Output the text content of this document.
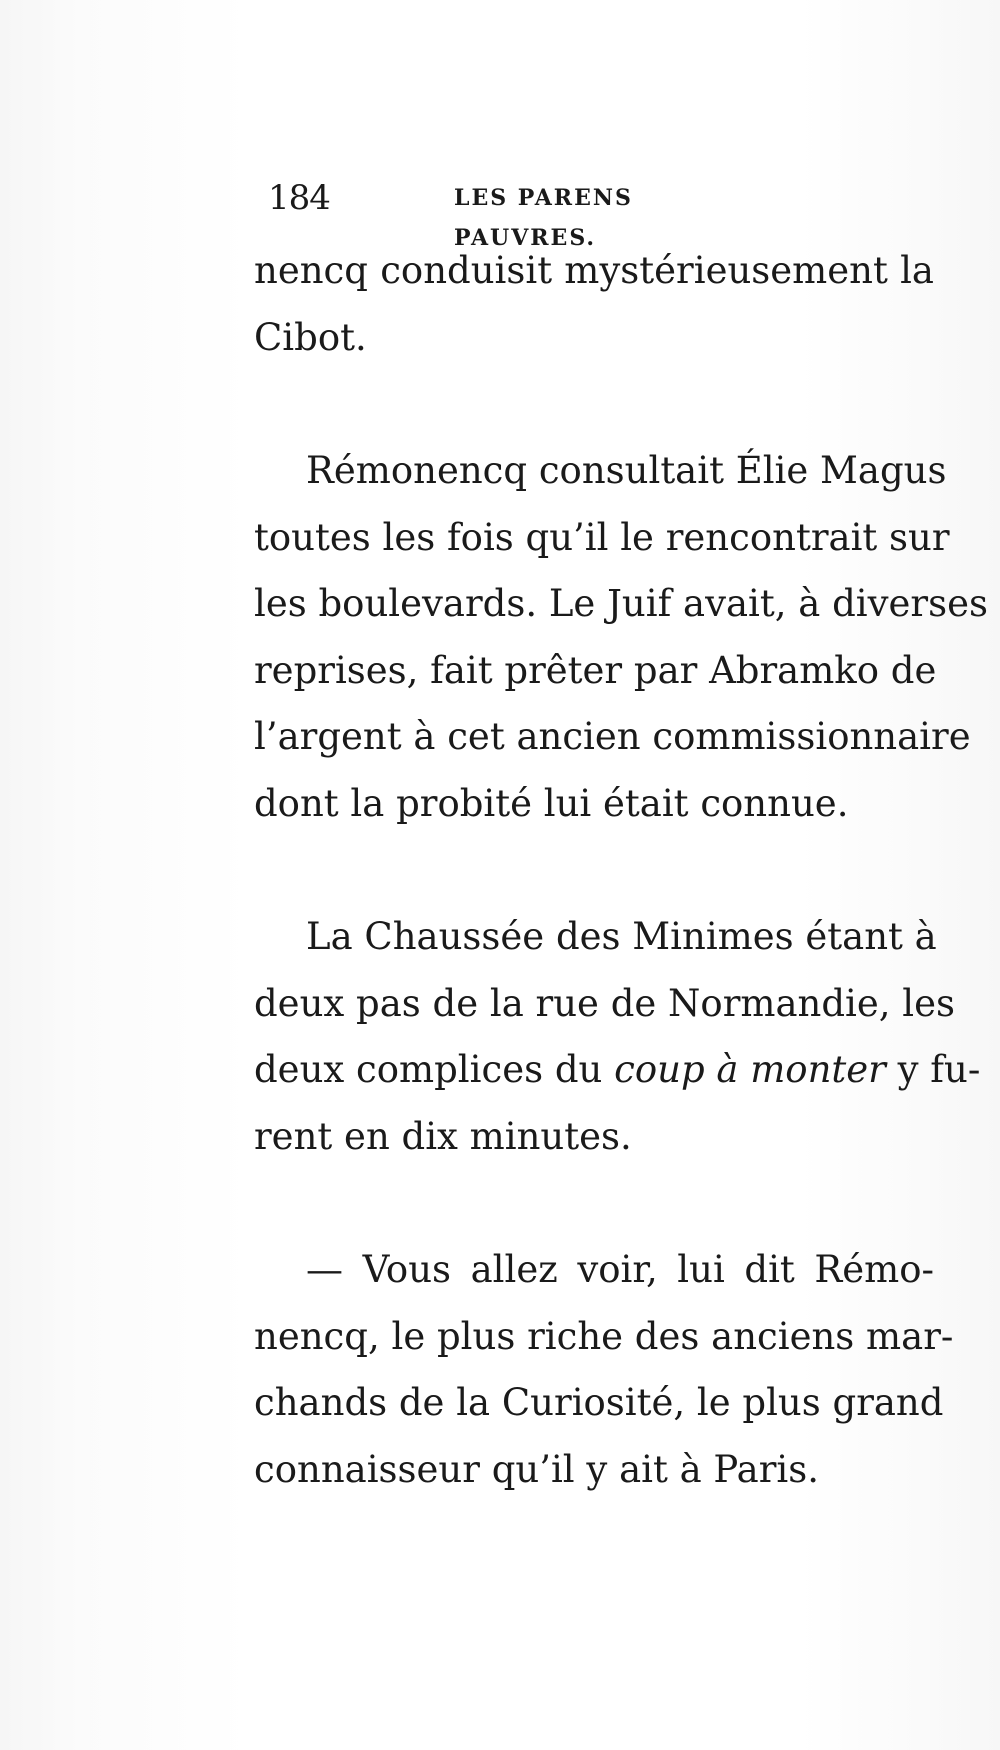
184	LES PARENS PAUVRES.
nencq conduisit mystérieusement la
Cibot.
Rémonencq consultait Élie Magus
toutes les fois qu’il le rencontrait sur
les boulevards. Le Juif avait, à diverses
reprises, fait prêter par Abramko de
l’argent à cet ancien commissionnaire
dont la probité lui était connue.
La Chaussée des Minimes étant à
deux pas de la rue de Normandie, les
deux complices du coup à monter y fu-
rent en dix minutes.
— Vous allez voir, lui dit Rémo-
nencq, le plus riche des anciens mar-
chands de la Curiosité, le plus grand
connaisseur qu’il y ait à Paris.
